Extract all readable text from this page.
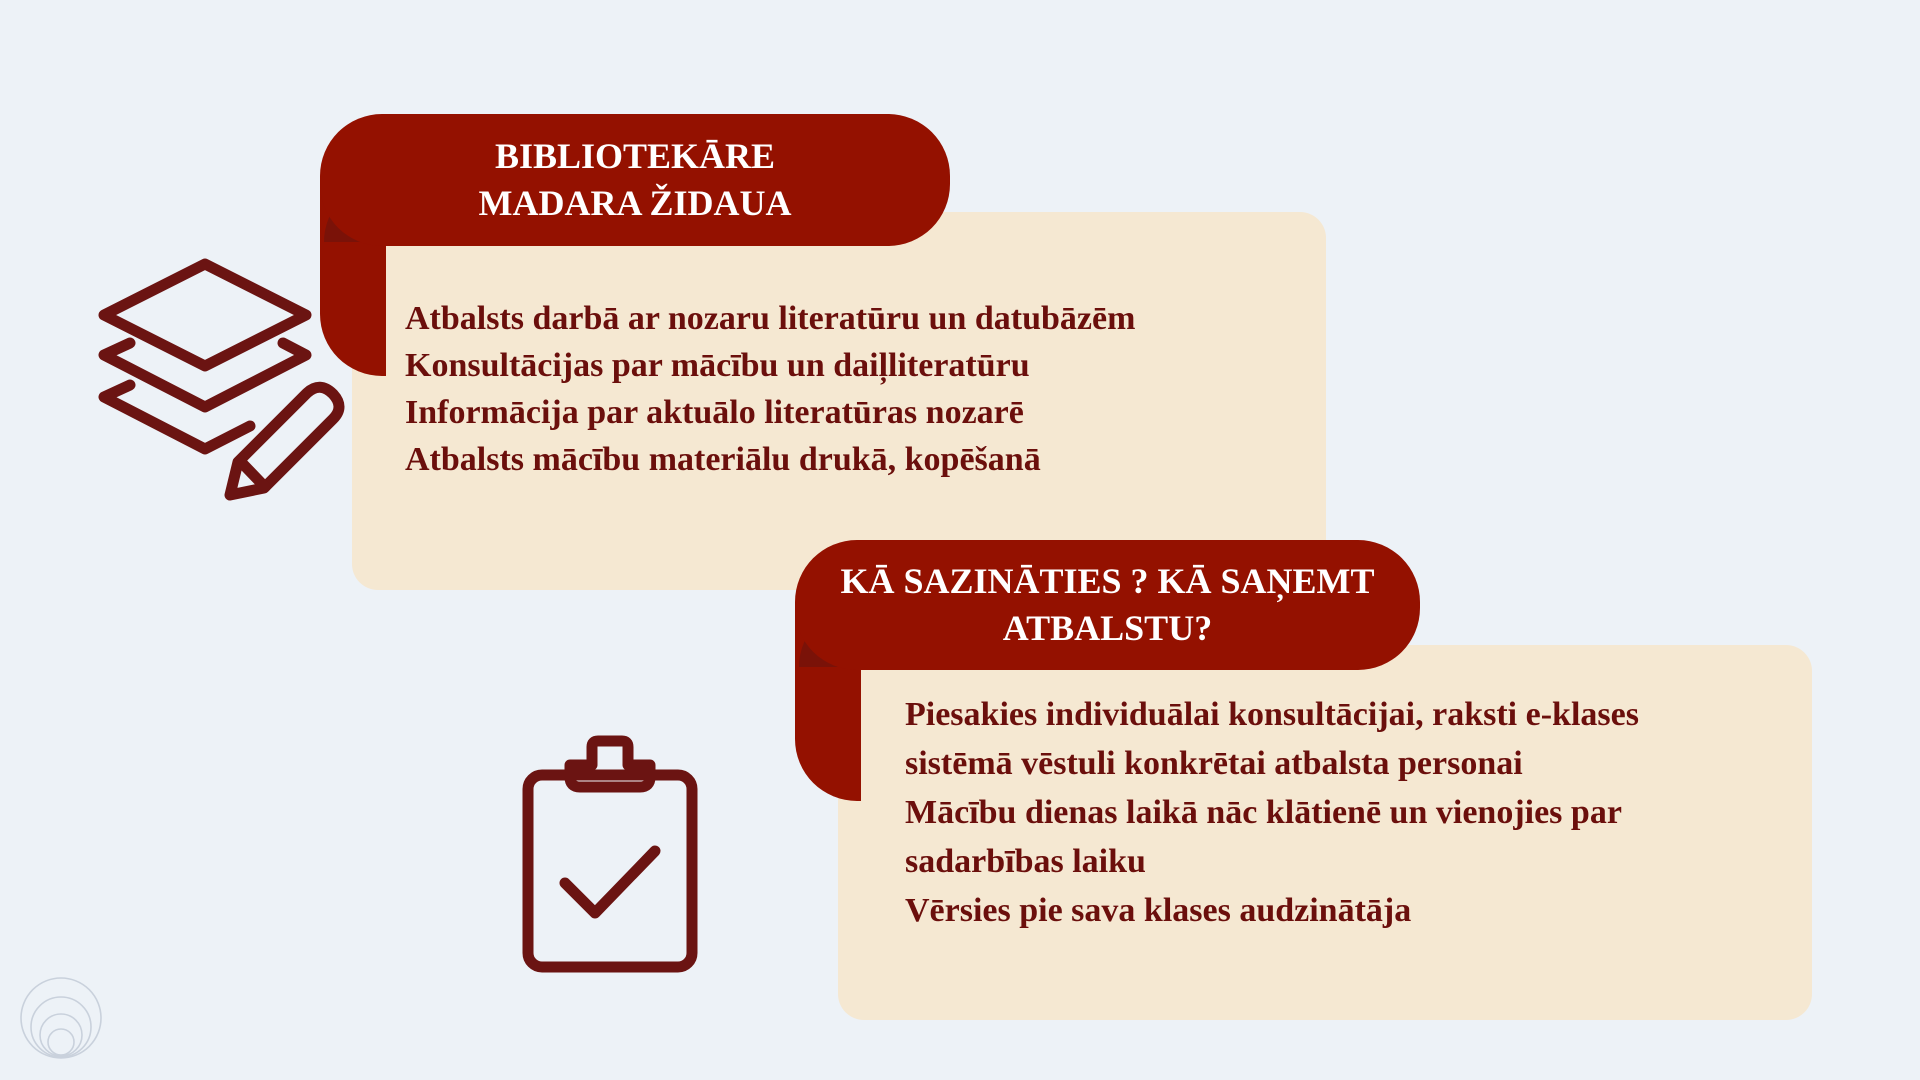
BIBLIOTEKĀRE
MADARA ŽIDAUA
Atbalsts darbā ar nozaru literatūru un datubāzēm
Konsultācijas par mācību un daiļliteratūru
Informācija par aktuālo literatūras nozarē
Atbalsts mācību materiālu drukā, kopēšanā
KĀ SAZINĀTIES ? KĀ SAŅEMT
ATBALSTU?
Piesakies individuālai konsultācijai, raksti e-klases
sistēmā vēstuli konkrētai atbalsta personai
Mācību dienas laikā nāc klātienē un vienojies par
sadarbības laiku
Vērsies pie sava klases audzinātāja
